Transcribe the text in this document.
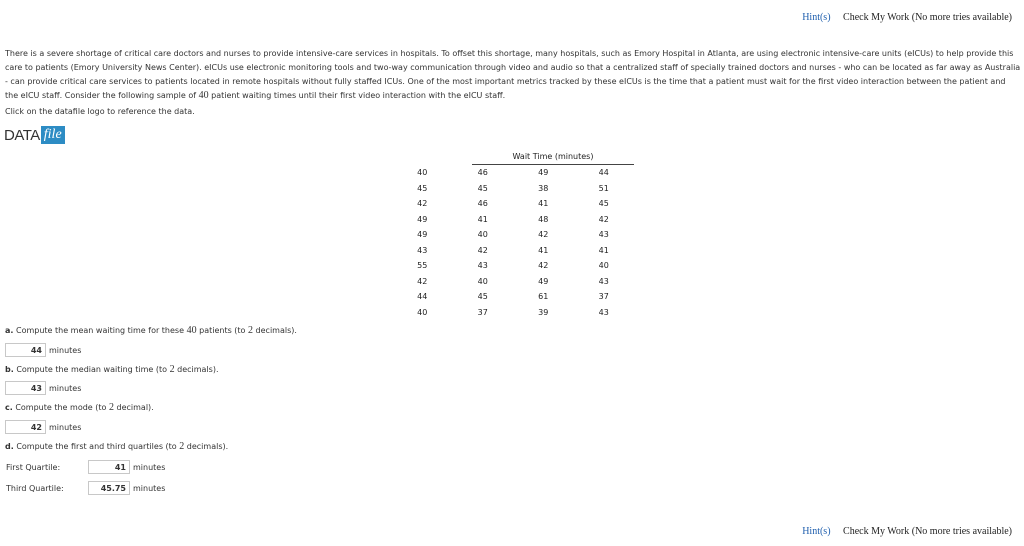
Hint(s) Check My Work (No more tries available)
There is a severe shortage of critical care doctors and nurses to provide intensive-care services in hospitals. To offset this shortage, many hospitals, such as Emory Hospital in Atlanta, are using electronic intensive-care units (eICUs) to help provide this care to patients (Emory University News Center). eICUs use electronic monitoring tools and two-way communication through video and audio so that a centralized staff of specially trained doctors and nurses - who can be located as far away as Australia - can provide critical care services to patients located in remote hospitals without fully staffed ICUs. One of the most important metrics tracked by these eICUs is the time that a patient must wait for the first video interaction between the patient and the eICU staff. Consider the following sample of 40 patient waiting times until their first video interaction with the eICU staff.
Click on the datafile logo to reference the data.
DATA file
Wait Time (minutes)
40	46	49	44
45	45	38	51
42	46	41	45
49	41	48	42
49	40	42	43
43	42	41	41
55	43	42	40
42	40	49	43
44	45	61	37
40	37	39	43
a. Compute the mean waiting time for these 40 patients (to 2 decimals).
44 minutes
b. Compute the median waiting time (to 2 decimals).
43 minutes
c. Compute the mode (to 2 decimal).
42 minutes
d. Compute the first and third quartiles (to 2 decimals).
First Quartile:	41 minutes
Third Quartile:	45.75 minutes
Hint(s) Check My Work (No more tries available)
